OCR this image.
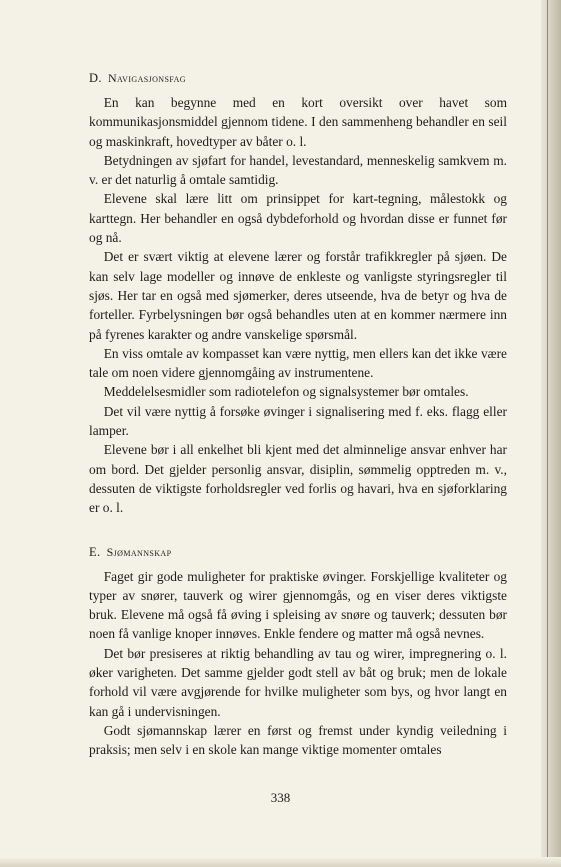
D. Navigasjonsfag

En kan begynne med en kort oversikt over havet som kommunikasjonsmiddel gjennom tidene. I den sammenheng behandler en seil og maskinkraft, hovedtyper av båter o. l.

Betydningen av sjøfart for handel, levestandard, menneskelig samkvem m. v. er det naturlig å omtale samtidig.

Elevene skal lære litt om prinsippet for kart-tegning, målestokk og karttegn. Her behandler en også dybdeforhold og hvordan disse er funnet før og nå.

Det er svært viktig at elevene lærer og forstår trafikkregler på sjøen. De kan selv lage modeller og innøve de enkleste og vanligste styringsregler til sjøs. Her tar en også med sjømerker, deres utseende, hva de betyr og hva de forteller. Fyrbelysningen bør også behandles uten at en kommer nærmere inn på fyrenes karakter og andre vanskelige spørsmål.

En viss omtale av kompasset kan være nyttig, men ellers kan det ikke være tale om noen videre gjennomgåing av instrumentene.

Meddelelsesmidler som radiotelefon og signalsystemer bør omtales.

Det vil være nyttig å forsøke øvinger i signalisering med f. eks. flagg eller lamper.

Elevene bør i all enkelhet bli kjent med det alminnelige ansvar enhver har om bord. Det gjelder personlig ansvar, disiplin, sømmelig opptreden m. v., dessuten de viktigste forholdsregler ved forlis og havari, hva en sjøforklaring er o. l.

E. Sjømannskap

Faget gir gode muligheter for praktiske øvinger. Forskjellige kvaliteter og typer av snører, tauverk og wirer gjennomgås, og en viser deres viktigste bruk. Elevene må også få øving i spleising av snøre og tauverk; dessuten bør noen få vanlige knoper innøves. Enkle fendere og matter må også nevnes.

Det bør presiseres at riktig behandling av tau og wirer, impregnering o. l. øker varigheten. Det samme gjelder godt stell av båt og bruk; men de lokale forhold vil være avgjørende for hvilke muligheter som bys, og hvor langt en kan gå i undervisningen.

Godt sjømannskap lærer en først og fremst under kyndig veiledning i praksis; men selv i en skole kan mange viktige momenter omtales

338
